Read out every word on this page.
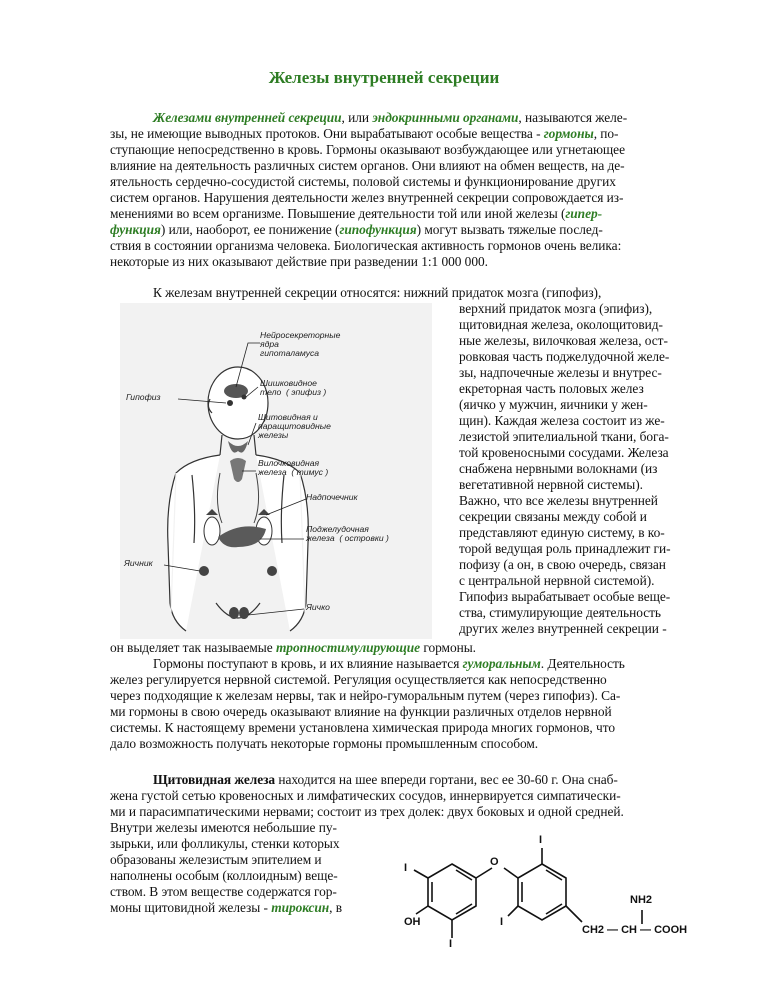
Железы внутренней секреции
Железами внутренней секреции, или эндокринными органами, называются желе-
зы, не имеющие выводных протоков. Они вырабатывают особые вещества - гормоны, по-
ступающие непосредственно в кровь. Гормоны оказывают возбуждающее или угнетающее
влияние на деятельность различных систем органов. Они влияют на обмен веществ, на де-
ятельность сердечно-сосудистой системы, половой системы и функционирование других
систем органов. Нарушения деятельности желез внутренней секреции сопровождается из-
менениями во всем организме. Повышение деятельности той или иной железы (гипер-
функция) или, наоборот, ее понижение (гипофункция) могут вызвать тяжелые послед-
ствия в состоянии организма человека. Биологическая активность гормонов очень велика:
некоторые из них оказывают действие при разведении 1:1 000 000.
К железам внутренней секреции относятся: нижний придаток мозга (гипофиз),
верхний придаток мозга (эпифиз),
щитовидная железа, околощитовид-
ные железы, вилочковая железа, ост-
ровковая часть поджелудочной желе-
зы, надпочечные железы и внутрес-
екреторная часть половых желез
(яичко у мужчин, яичники у жен-
щин). Каждая железа состоит из же-
лезистой эпителиальной ткани, бога-
той кровеносными сосудами. Железа
снабжена нервными волокнами (из
вегетативной нервной системы).
Важно, что все железы внутренней
секреции связаны между собой и
представляют единую систему, в ко-
торой ведущая роль принадлежит ги-
пофизу (а он, в свою очередь, связан
с центральной нервной системой).
Гипофиз вырабатывает особые веще-
ства, стимулирующие деятельность
других желез внутренней секреции -
он выделяет так называемые тропностимулирующие гормоны.
Нейросекреторные
ядра
гипоталамуса
Гипофиз
Шишковидное
тело  ( эпифиз )
Щитовидная и
паращитовидные
железы
Вилочковидная
железа  ( тимус )
Надпочечник
Поджелудочная
железа  ( островки )
Яичник
Яичко
Гормоны поступают в кровь, и их влияние называется гуморальным. Деятельность
желез регулируется нервной системой. Регуляция осуществляется как непосредственно
через подходящие к железам нервы, так и нейро-гуморальным путем (через гипофиз). Са-
ми гормоны в свою очередь оказывают влияние на функции различных отделов нервной
системы. К настоящему времени установлена химическая природа многих гормонов, что
дало возможность получать некоторые гормоны промышленным способом.
Щитовидная железа находится на шее впереди гортани, вес ее 30-60 г. Она снаб-
жена густой сетью кровеносных и лимфатических сосудов, иннервируется симпатически-
ми и парасимпатическими нервами; состоит из трех долек: двух боковых и одной средней.
Внутри железы имеются небольшие пу-
зырьки, или фолликулы, стенки которых
образованы железистым эпителием и
наполнены особым (коллоидным) веще-
ством. В этом веществе содержатся гор-
моны щитовидной железы - тироксин, в
I	O
I
OH
I
I
NH2
CH2 — CH — COOH
